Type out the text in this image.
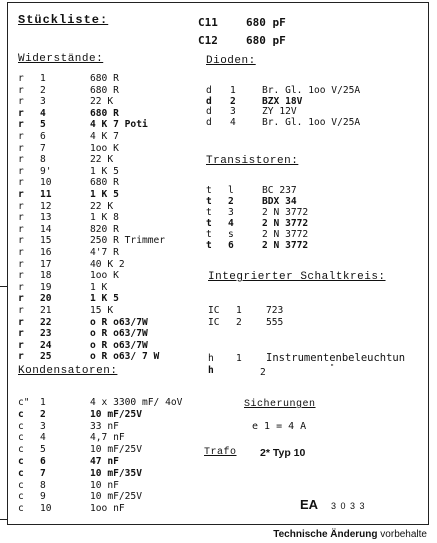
Stückliste:
Widerstände:
r 1	680 R
r 2	680 R
r 3	22 K
r 4	680 R
r 5	4 K 7 Poti
r 6	4 K 7
r 7	1oo K
r 8	22 K
r 9'	1 K 5
r 10	680 R
r 11	1 K 5
r 12	22 K
r 13	1 K 8
r 14	820 R
r 15	250 R Trimmer
r 16	4'7 R
r 17	40 K 2
r 18	1oo K
r 19	1 K
r 20	1 K 5
r 21	15 K
r 22	o R o63/7W
r 23	o R o63/7W
r 24	o R o63/7W
r 25	o R o63/ 7 W
Kondensatoren:
c" 1	4 x 3300 mF/ 4oV
c 2	10 mF/25V
c 3	33 nF
c 4	4,7 nF
c 5	10 mF/25V
c 6	47 nF
c 7	10 mF/35V
c 8	10 nF
c 9	10 mF/25V
c 10	1oo nF
C11	680 pF
C12	680 pF
Dioden:
d 1	Br. Gl. 1oo V/25A
d 2	BZX 18V
d 3	ZY 12V
d 4	Br. Gl. 1oo V/25A
Transistoren:
t l	BC 237
t 2	BDX 34
t 3	2 N 3772
t 4	2 N 3772
t s	2 N 3772
t 6	2 N 3772
Integrierter Schaltkreis:
IC 1	723
IC 2	555
h 1 Instrumentenbeleuchtun
h	2	"
Sicherungen
e 1 = 4 A
Trafo 2* Typ 10
EA 3 0 3 3
Technische Änderung vorbehalte
